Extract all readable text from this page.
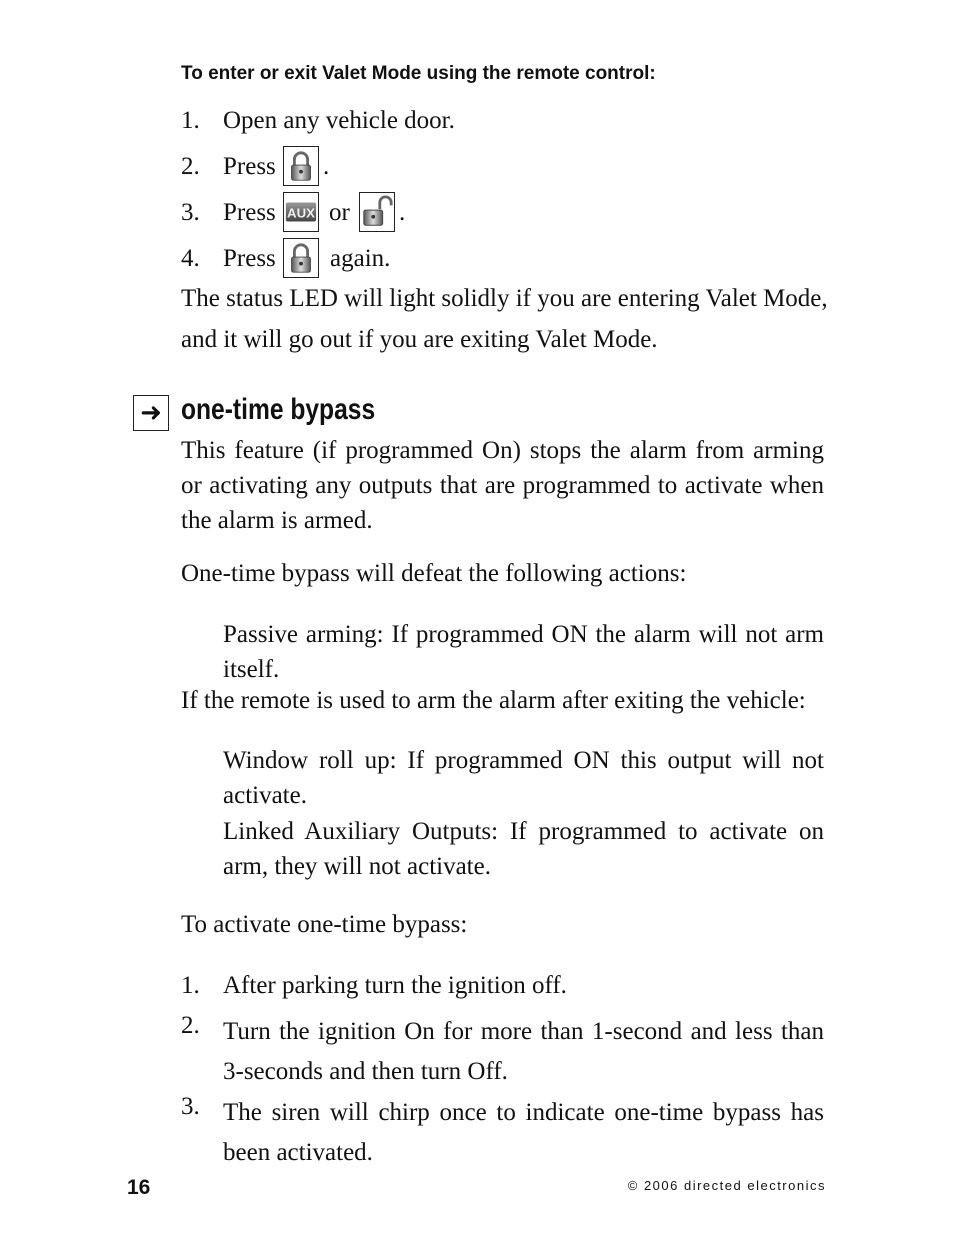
To enter or exit Valet Mode using the remote control:
1. Open any vehicle door.
2. Press .
3. Press AUX or .
4. Press again.
The status LED will light solidly if you are entering Valet Mode,
and it will go out if you are exiting Valet Mode.
➜ one-time bypass
This feature (if programmed On) stops the alarm from arming or activating any outputs that are programmed to activate when the alarm is armed.
One-time bypass will defeat the following actions:
Passive arming: If programmed ON the alarm will not arm itself.
If the remote is used to arm the alarm after exiting the vehicle:
Window roll up: If programmed ON this output will not activate.
Linked Auxiliary Outputs: If programmed to activate on arm, they will not activate.
To activate one-time bypass:
1. After parking turn the ignition off.
2. Turn the ignition On for more than 1-second and less than 3-seconds and then turn Off.
3. The siren will chirp once to indicate one-time bypass has been activated.
16	© 2006 directed electronics
